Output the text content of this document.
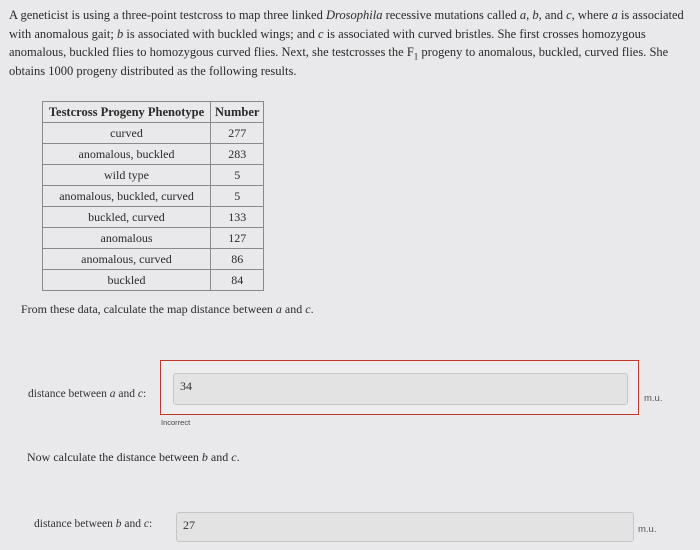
A geneticist is using a three-point testcross to map three linked Drosophila recessive mutations called a, b, and c, where a is associated with anomalous gait; b is associated with buckled wings; and c is associated with curved bristles. She first crosses homozygous anomalous, buckled flies to homozygous curved flies. Next, she testcrosses the $F_1$ progeny to anomalous, buckled, curved flies. She obtains 1000 progeny distributed as the following results.

Testcross Progeny Phenotype	Number
curved	277
anomalous, buckled	283
wild type	5
anomalous, buckled, curved	5
buckled, curved	133
anomalous	127
anomalous, curved	86
buckled	84

From these data, calculate the map distance between a and c.

distance between a and c:
34
m.u.
Incorrect

Now calculate the distance between b and c.

distance between b and c:	27	m.u.
